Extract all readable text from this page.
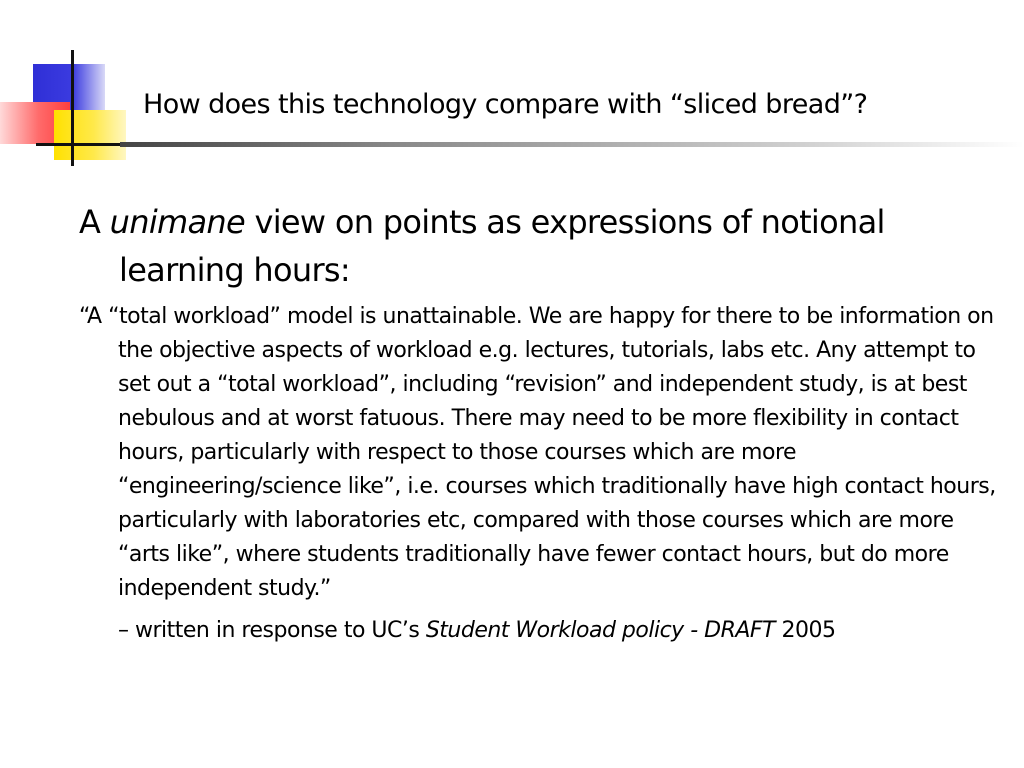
How does this technology compare with “sliced bread”?

A unimane view on points as expressions of notional learning hours:

“A “total workload” model is unattainable. We are happy for there to be information on the objective aspects of workload e.g. lectures, tutorials, labs etc. Any attempt to set out a “total workload”, including “revision” and independent study, is at best nebulous and at worst fatuous. There may need to be more flexibility in contact hours, particularly with respect to those courses which are more “engineering/science like”, i.e. courses which traditionally have high contact hours, particularly with laboratories etc, compared with those courses which are more “arts like”, where students traditionally have fewer contact hours, but do more independent study.”

– written in response to UC’s Student Workload policy - DRAFT 2005
